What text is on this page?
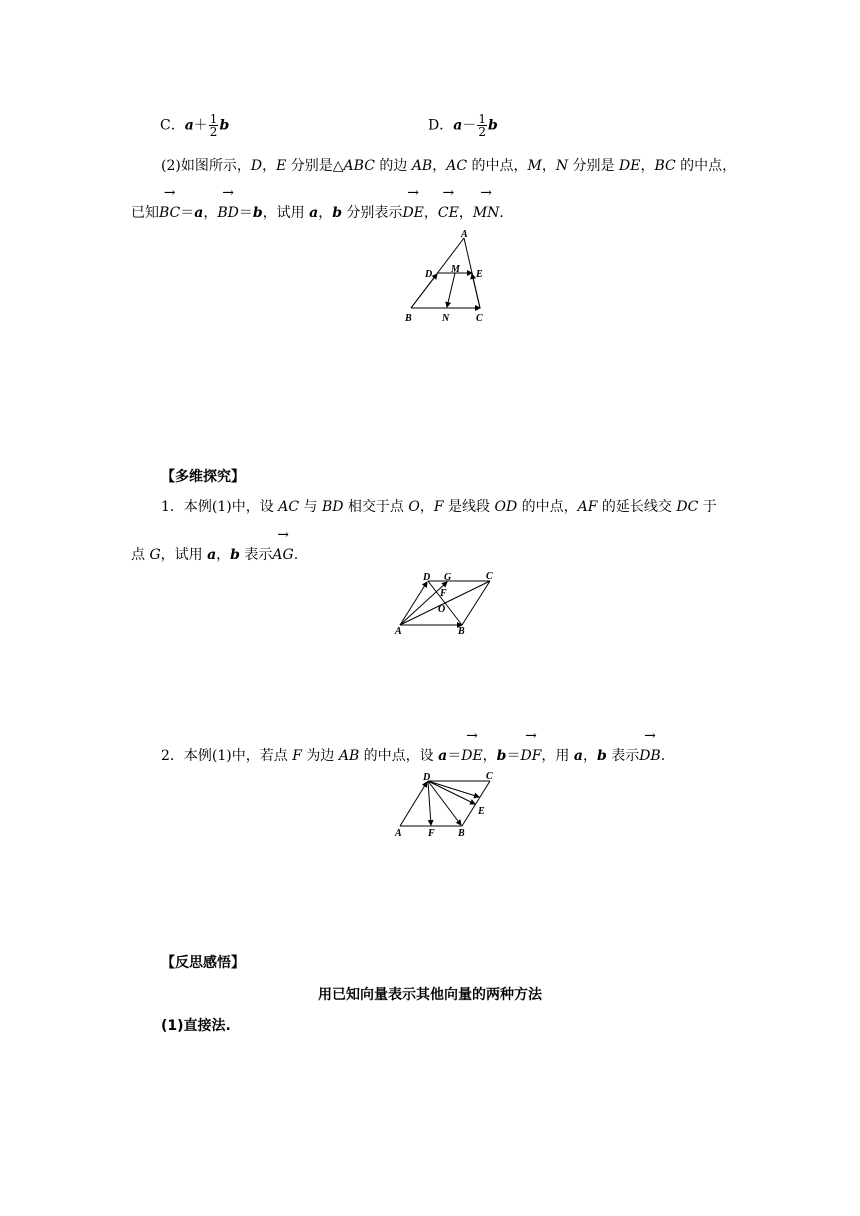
C．$a+ \frac{1}{2}$ b	D．$a- \frac{1}{2}$ b
(2)如图所示，D，E 分别是△ABC 的边 AB，AC 的中点，M，N 分别是 DE，BC 的中点，
已知→ BC＝a，→ BD＝b，试用 a，b 分别表示→ DE，→ CE，→ MN.
A
D M E
B	N	C
【多维探究】
1．本例(1)中，设 AC 与 BD 相交于点 O，F 是线段 OD 的中点，AF 的延长线交 DC 于
点 G，试用 a，b 表示→ AG.
D G	C
F
O
A	B
2．本例(1)中，若点 F 为边 AB 的中点，设 a＝→ DE，b＝→ DF，用 a，b 表示→ DB.
D	C
E
A	F B
【反思感悟】
用已知向量表示其他向量的两种方法
(1)直接法.
